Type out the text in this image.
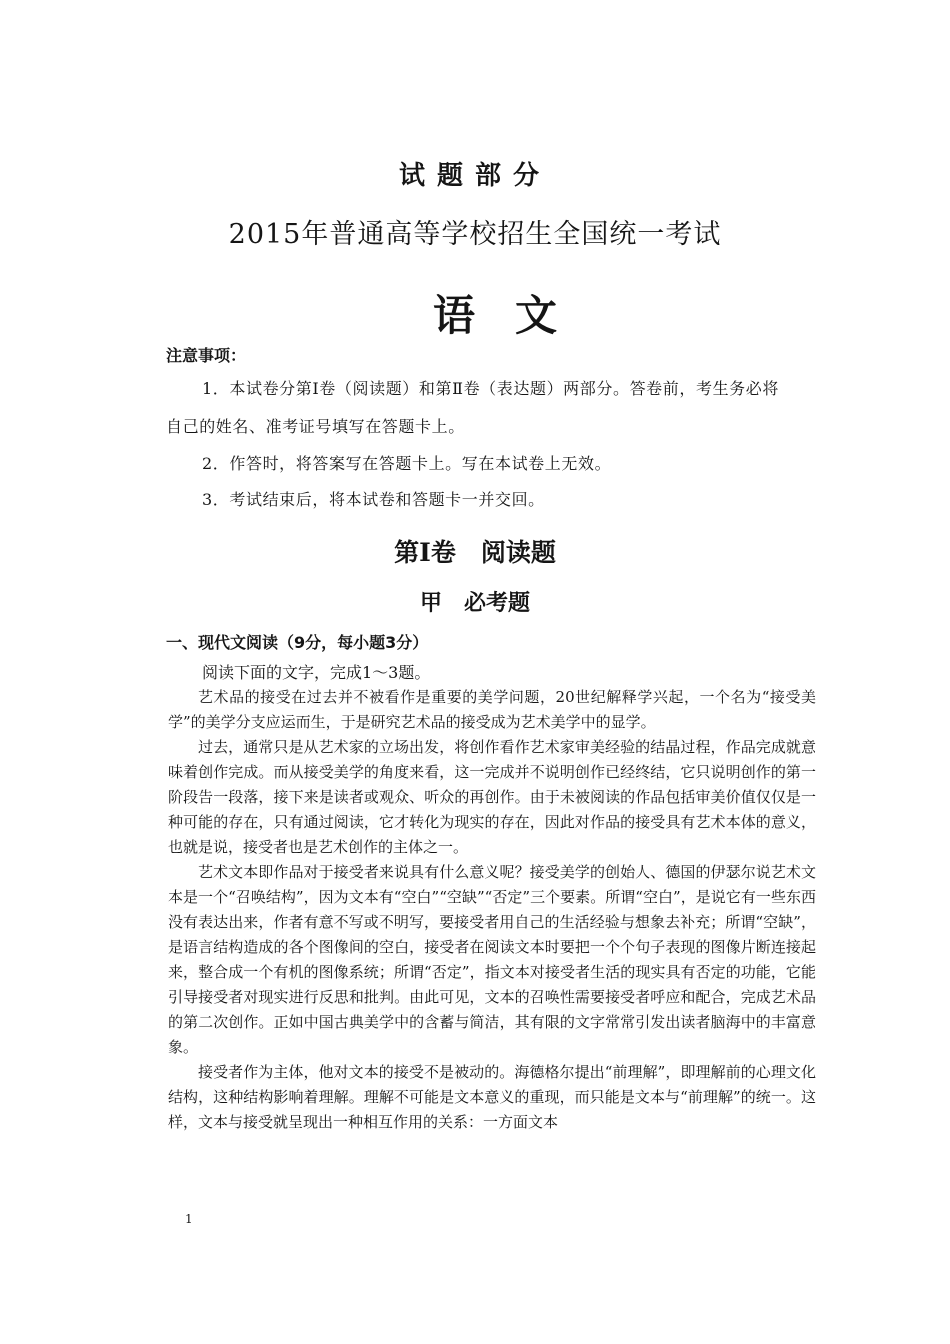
试题部分
2015年普通高等学校招生全国统一考试
语文
注意事项：
1．本试卷分第Ⅰ卷（阅读题）和第Ⅱ卷（表达题）两部分。答卷前，考生务必将
自己的姓名、准考证号填写在答题卡上。
2．作答时，将答案写在答题卡上。写在本试卷上无效。
3．考试结束后，将本试卷和答题卡一并交回。
第Ⅰ卷　阅读题
甲　必考题
一、现代文阅读（9分，每小题3分）
阅读下面的文字，完成1～3题。

艺术品的接受在过去并不被看作是重要的美学问题，20世纪解释学兴起，一个名为“接受美学”的美学分支应运而生，于是研究艺术品的接受成为艺术美学中的显学。

过去，通常只是从艺术家的立场出发，将创作看作艺术家审美经验的结晶过程，作品完成就意味着创作完成。而从接受美学的角度来看，这一完成并不说明创作已经终结，它只说明创作的第一阶段告一段落，接下来是读者或观众、听众的再创作。由于未被阅读的作品包括审美价值仅仅是一种可能的存在，只有通过阅读，它才转化为现实的存在，因此对作品的接受具有艺术本体的意义，也就是说，接受者也是艺术创作的主体之一。

艺术文本即作品对于接受者来说具有什么意义呢？接受美学的创始人、德国的伊瑟尔说艺术文本是一个“召唤结构”，因为文本有“空白”“空缺”“否定”三个要素。所谓“空白”，是说它有一些东西没有表达出来，作者有意不写或不明写，要接受者用自己的生活经验与想象去补充；所谓“空缺”，是语言结构造成的各个图像间的空白，接受者在阅读文本时要把一个个句子表现的图像片断连接起来，整合成一个有机的图像系统；所谓“否定”，指文本对接受者生活的现实具有否定的功能，它能引导接受者对现实进行反思和批判。由此可见，文本的召唤性需要接受者呼应和配合，完成艺术品的第二次创作。正如中国古典美学中的含蓄与简洁，其有限的文字常常引发出读者脑海中的丰富意象。

接受者作为主体，他对文本的接受不是被动的。海德格尔提出“前理解”，即理解前的心理文化结构，这种结构影响着理解。理解不可能是文本意义的重现，而只能是文本与“前理解”的统一。这样，文本与接受就呈现出一种相互作用的关系：一方面文本

1
